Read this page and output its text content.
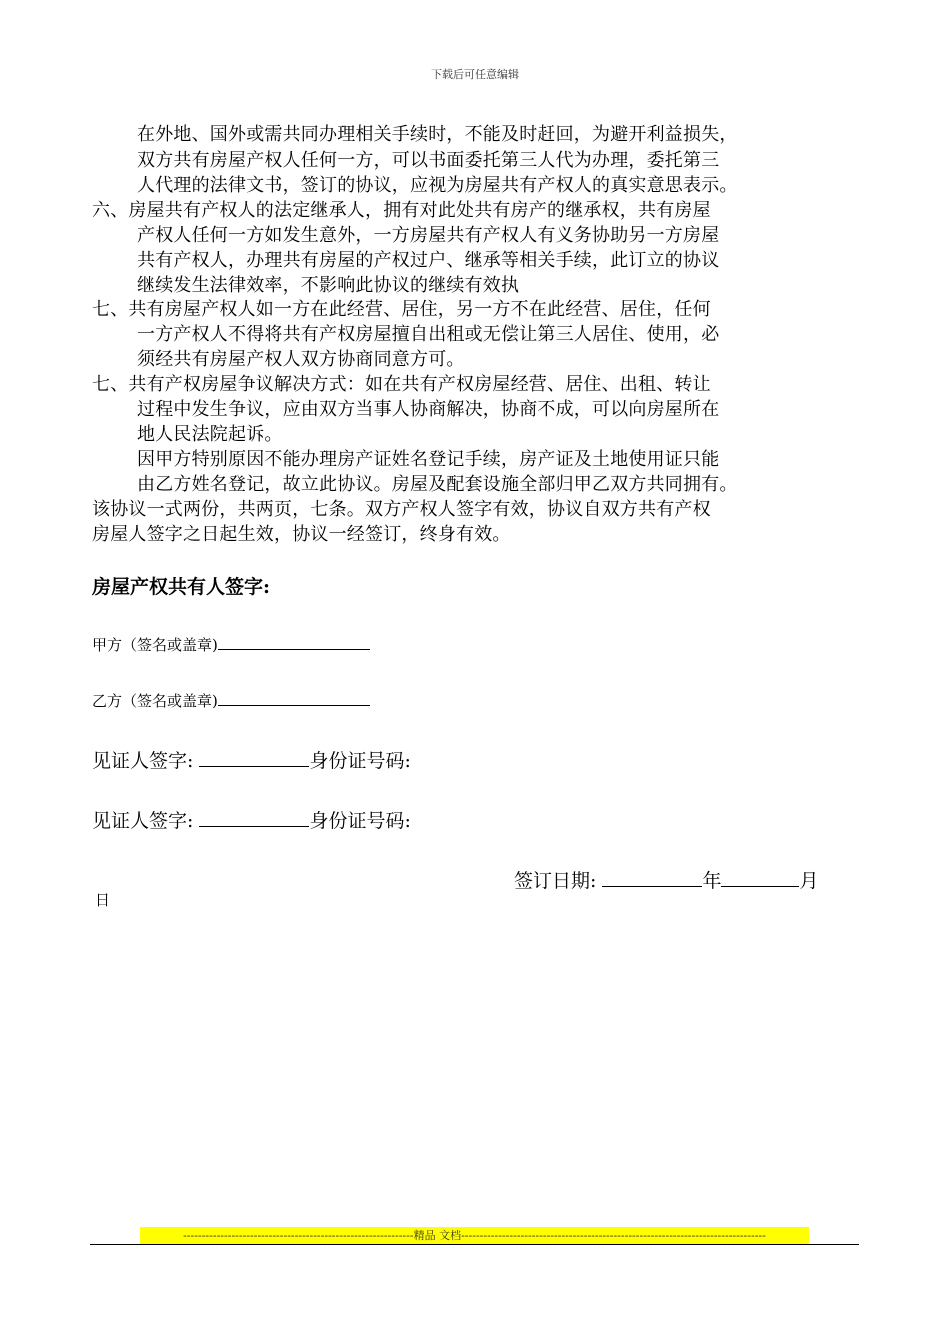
下载后可任意编辑
在外地、国外或需共同办理相关手续时，不能及时赶回，为避开利益损失，
双方共有房屋产权人任何一方，可以书面委托第三人代为办理，委托第三
人代理的法律文书，签订的协议，应视为房屋共有产权人的真实意思表示。
六、房屋共有产权人的法定继承人，拥有对此处共有房产的继承权，共有房屋
产权人任何一方如发生意外，一方房屋共有产权人有义务协助另一方房屋
共有产权人，办理共有房屋的产权过户、继承等相关手续，此订立的协议
继续发生法律效率，不影响此协议的继续有效执
七、共有房屋产权人如一方在此经营、居住，另一方不在此经营、居住，任何
一方产权人不得将共有产权房屋擅自出租或无偿让第三人居住、使用，必
须经共有房屋产权人双方协商同意方可。
七、共有产权房屋争议解决方式：如在共有产权房屋经营、居住、出租、转让
过程中发生争议，应由双方当事人协商解决，协商不成，可以向房屋所在
地人民法院起诉。
因甲方特别原因不能办理房产证姓名登记手续，房产证及土地使用证只能
由乙方姓名登记，故立此协议。房屋及配套设施全部归甲乙双方共同拥有。
该协议一式两份，共两页，七条。双方产权人签字有效，协议自双方共有产权
房屋人签字之日起生效，协议一经签订，终身有效。
房屋产权共有人签字:
甲方（签名或盖章)
乙方（签名或盖章)
见证人签字:	身份证号码:
见证人签字:	身份证号码:
签订日期:	年	月
日
--------------------------------------------------------------精品 文档----------------------------------------------------------------------------------
